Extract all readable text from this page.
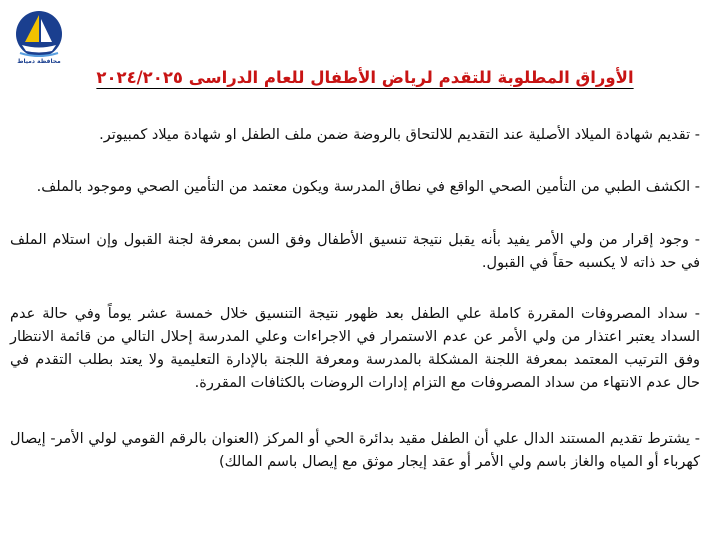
محافظة دمياط
الأوراق المطلوبة للتقدم لرياض الأطفال للعام الدراسى ٢٠٢٤/٢٠٢٥
- تقديم شهادة الميلاد الأصلية عند التقديم للالتحاق بالروضة ضمن ملف الطفل او شهادة ميلاد كمبيوتر.
- الكشف الطبي من التأمين الصحي الواقع في نطاق المدرسة ويكون معتمد من التأمين الصحي وموجود بالملف.
- وجود إقرار من ولي الأمر يفيد بأنه يقبل نتيجة تنسيق الأطفال وفق السن بمعرفة لجنة القبول وإن استلام الملف في حد ذاته لا يكسبه حقاً في القبول.
- سداد المصروفات المقررة كاملة علي الطفل بعد ظهور نتيجة التنسيق خلال خمسة عشر يوماً وفي حالة عدم السداد يعتبر اعتذار من ولي الأمر عن عدم الاستمرار في الاجراءات وعلي المدرسة إحلال التالي من قائمة الانتظار وفق الترتيب المعتمد بمعرفة اللجنة المشكلة بالمدرسة ومعرفة اللجنة بالإدارة التعليمية ولا يعتد بطلب التقدم في حال عدم الانتهاء من سداد المصروفات مع التزام إدارات الروضات بالكثافات المقررة.
- يشترط تقديم المستند الدال علي أن الطفل مقيد بدائرة الحي أو المركز (العنوان بالرقم القومي لولي الأمر- إيصال كهرباء أو المياه والغاز باسم ولي الأمر أو عقد إيجار موثق مع إيصال باسم المالك)
